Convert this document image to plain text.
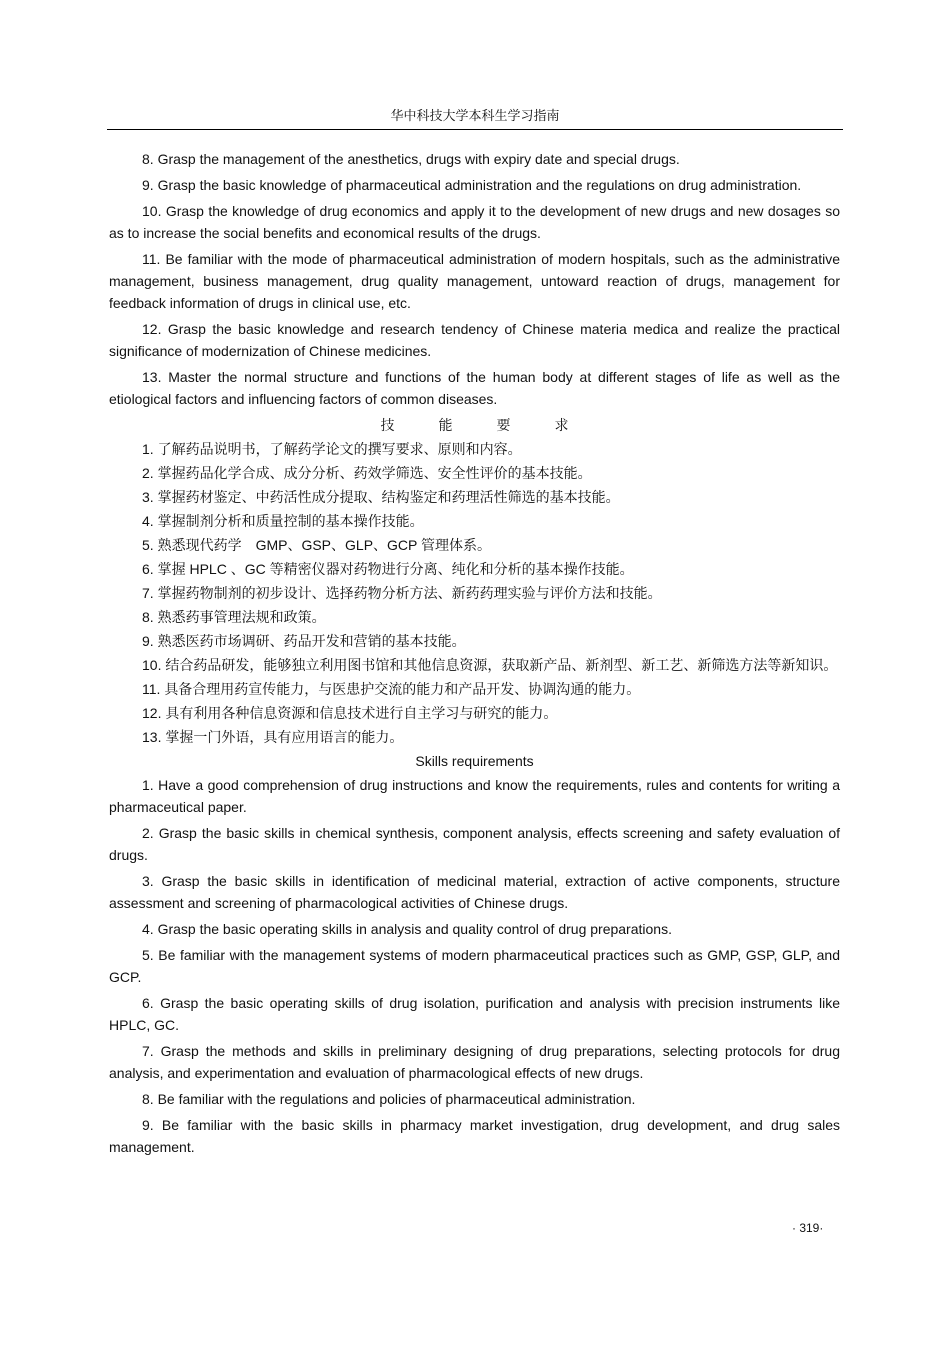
华中科技大学本科生学习指南

8. Grasp the management of the anesthetics, drugs with expiry date and special drugs.

9. Grasp the basic knowledge of pharmaceutical administration and the regulations on drug administration.

10. Grasp the knowledge of drug economics and apply it to the development of new drugs and new dosages so as to increase the social benefits and economical results of the drugs.

11. Be familiar with the mode of pharmaceutical administration of modern hospitals, such as the administrative management, business management, drug quality management, untoward reaction of drugs, management for feedback information of drugs in clinical use, etc.

12. Grasp the basic knowledge and research tendency of Chinese materia medica and realize the practical significance of modernization of Chinese medicines.

13. Master the normal structure and functions of the human body at different stages of life as well as the etiological factors and influencing factors of common diseases.

技能要求

1. 了解药品说明书，了解药学论文的撰写要求、原则和内容。

2. 掌握药品化学合成、成分分析、药效学筛选、安全性评价的基本技能。

3. 掌握药材鉴定、中药活性成分提取、结构鉴定和药理活性筛选的基本技能。

4. 掌握制剂分析和质量控制的基本操作技能。

5. 熟悉现代药学　GMP、GSP、GLP、GCP 管理体系。

6. 掌握 HPLC 、GC 等精密仪器对药物进行分离、纯化和分析的基本操作技能。

7. 掌握药物制剂的初步设计、选择药物分析方法、新药药理实验与评价方法和技能。

8. 熟悉药事管理法规和政策。

9. 熟悉医药市场调研、药品开发和营销的基本技能。

10. 结合药品研发，能够独立利用图书馆和其他信息资源，获取新产品、新剂型、新工艺、新筛选方法等新知识。

11. 具备合理用药宣传能力，与医患护交流的能力和产品开发、协调沟通的能力。

12. 具有利用各种信息资源和信息技术进行自主学习与研究的能力。

13. 掌握一门外语，具有应用语言的能力。

Skills requirements

1. Have a good comprehension of drug instructions and know the requirements, rules and contents for writing a pharmaceutical paper.

2. Grasp the basic skills in chemical synthesis, component analysis, effects screening and safety evaluation of drugs.

3. Grasp the basic skills in identification of medicinal material, extraction of active components, structure assessment and screening of pharmacological activities of Chinese drugs.

4. Grasp the basic operating skills in analysis and quality control of drug preparations.

5. Be familiar with the management systems of modern pharmaceutical practices such as GMP, GSP, GLP, and GCP.

6. Grasp the basic operating skills of drug isolation, purification and analysis with precision instruments like HPLC, GC.

7. Grasp the methods and skills in preliminary designing of drug preparations, selecting protocols for drug analysis, and experimentation and evaluation of pharmacological effects of new drugs.

8. Be familiar with the regulations and policies of pharmaceutical administration.

9. Be familiar with the basic skills in pharmacy market investigation, drug development, and drug sales management.

· 319·
